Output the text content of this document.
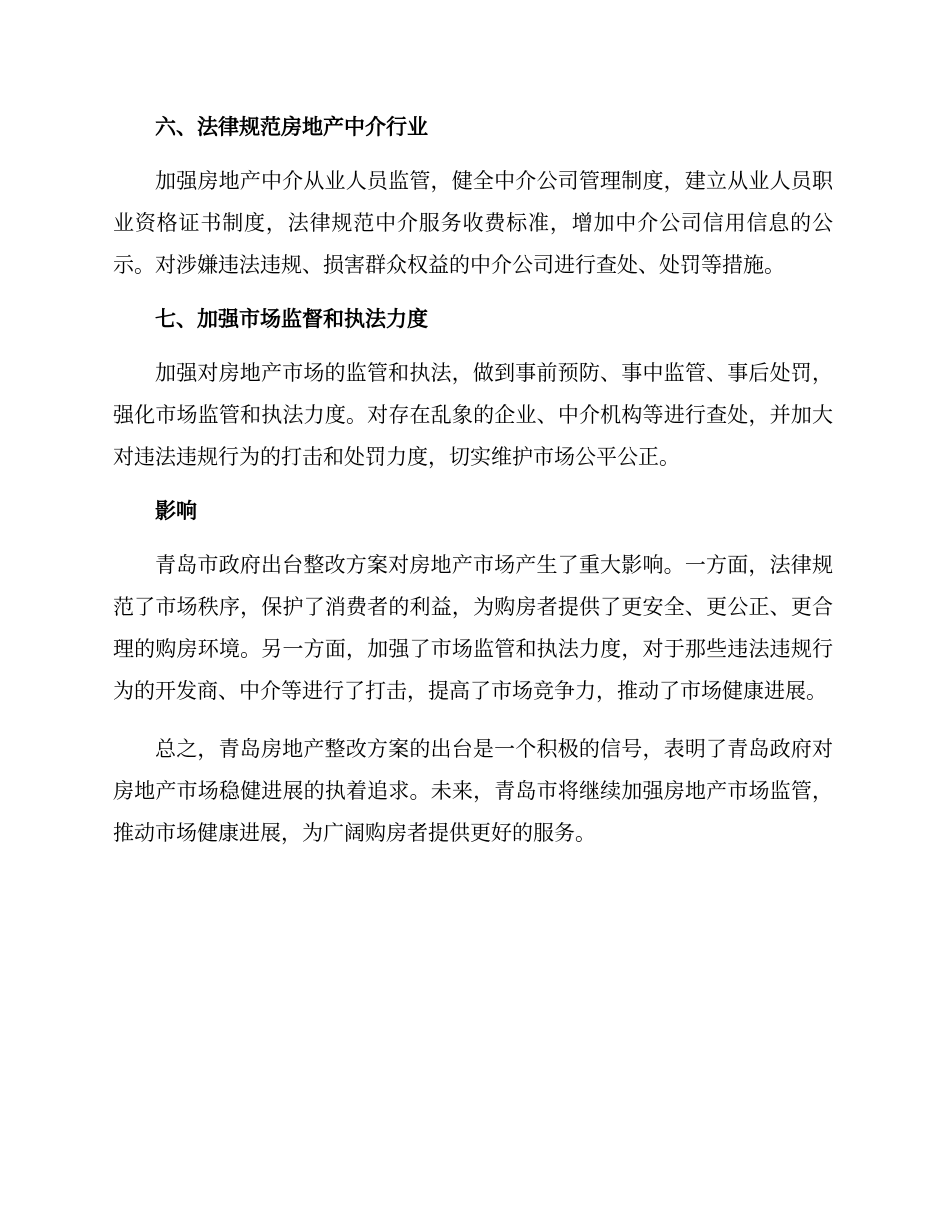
六、法律规范房地产中介行业

加强房地产中介从业人员监管，健全中介公司管理制度，建立从业人员职业资格证书制度，法律规范中介服务收费标准，增加中介公司信用信息的公示。对涉嫌违法违规、损害群众权益的中介公司进行查处、处罚等措施。

七、加强市场监督和执法力度

加强对房地产市场的监管和执法，做到事前预防、事中监管、事后处罚，强化市场监管和执法力度。对存在乱象的企业、中介机构等进行查处，并加大对违法违规行为的打击和处罚力度，切实维护市场公平公正。

影响

青岛市政府出台整改方案对房地产市场产生了重大影响。一方面，法律规范了市场秩序，保护了消费者的利益，为购房者提供了更安全、更公正、更合理的购房环境。另一方面，加强了市场监管和执法力度，对于那些违法违规行为的开发商、中介等进行了打击，提高了市场竞争力，推动了市场健康进展。

总之，青岛房地产整改方案的出台是一个积极的信号，表明了青岛政府对房地产市场稳健进展的执着追求。未来，青岛市将继续加强房地产市场监管，推动市场健康进展，为广阔购房者提供更好的服务。
